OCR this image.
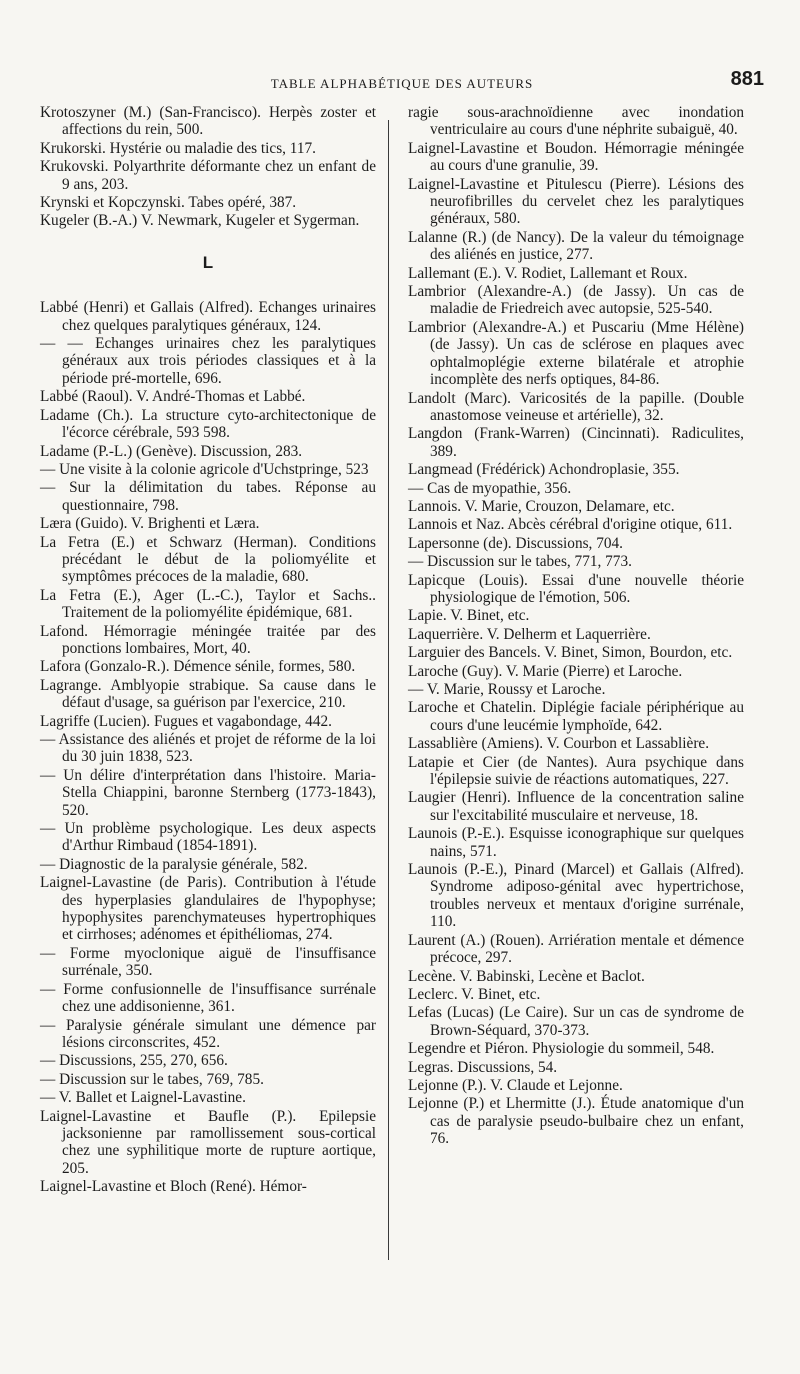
TABLE ALPHABÉTIQUE DES AUTEURS	881

Krotoszyner (M.) (San-Francisco). Herpès zoster et affections du rein, 500.

Krukorski. Hystérie ou maladie des tics, 117.

Krukovski. Polyarthrite déformante chez un enfant de 9 ans, 203.

Krynski et Kopczynski. Tabes opéré, 387.

Kugeler (B.-A.) V. Newmark, Kugeler et Sygerman.

L

Labbé (Henri) et Gallais (Alfred). Echanges urinaires chez quelques paralytiques généraux, 124.

— — Echanges urinaires chez les paralytiques généraux aux trois périodes classiques et à la période pré-mortelle, 696.

Labbé (Raoul). V. André-Thomas et Labbé.

Ladame (Ch.). La structure cyto-architectonique de l'écorce cérébrale, 593 598.

Ladame (P.-L.) (Genève). Discussion, 283.

— Une visite à la colonie agricole d'Uchstpringe, 523

— Sur la délimitation du tabes. Réponse au questionnaire, 798.

Læra (Guido). V. Brighenti et Læra.

La Fetra (E.) et Schwarz (Herman). Conditions précédant le début de la poliomyélite et symptômes précoces de la maladie, 680.

La Fetra (E.), Ager (L.-C.), Taylor et Sachs.. Traitement de la poliomyélite épidémique, 681.

Lafond. Hémorragie méningée traitée par des ponctions lombaires, Mort, 40.

Lafora (Gonzalo-R.). Démence sénile, formes, 580.

Lagrange. Amblyopie strabique. Sa cause dans le défaut d'usage, sa guérison par l'exercice, 210.

Lagriffe (Lucien). Fugues et vagabondage, 442.

— Assistance des aliénés et projet de réforme de la loi du 30 juin 1838, 523.

— Un délire d'interprétation dans l'histoire. Maria-Stella Chiappini, baronne Sternberg (1773-1843), 520.

— Un problème psychologique. Les deux aspects d'Arthur Rimbaud (1854-1891).

— Diagnostic de la paralysie générale, 582.

Laignel-Lavastine (de Paris). Contribution à l'étude des hyperplasies glandulaires de l'hypophyse; hypophysites parenchymateuses hypertrophiques et cirrhoses; adénomes et épithéliomas, 274.

— Forme myoclonique aiguë de l'insuffisance surrénale, 350.

— Forme confusionnelle de l'insuffisance surrénale chez une addisonienne, 361.

— Paralysie générale simulant une démence par lésions circonscrites, 452.

— Discussions, 255, 270, 656.

— Discussion sur le tabes, 769, 785.

— V. Ballet et Laignel-Lavastine.

Laignel-Lavastine et Baufle (P.). Epilepsie jacksonienne par ramollissement sous-cortical chez une syphilitique morte de rupture aortique, 205.

Laignel-Lavastine et Bloch (René). Hémor-

ragie sous-arachnoïdienne avec inondation ventriculaire au cours d'une néphrite subaiguë, 40.

Laignel-Lavastine et Boudon. Hémorragie méningée au cours d'une granulie, 39.

Laignel-Lavastine et Pitulescu (Pierre). Lésions des neurofibrilles du cervelet chez les paralytiques généraux, 580.

Lalanne (R.) (de Nancy). De la valeur du témoignage des aliénés en justice, 277.

Lallemant (E.). V. Rodiet, Lallemant et Roux.

Lambrior (Alexandre-A.) (de Jassy). Un cas de maladie de Friedreich avec autopsie, 525-540.

Lambrior (Alexandre-A.) et Puscariu (Mme Hélène) (de Jassy). Un cas de sclérose en plaques avec ophtalmoplégie externe bilatérale et atrophie incomplète des nerfs optiques, 84-86.

Landolt (Marc). Varicosités de la papille. (Double anastomose veineuse et artérielle), 32.

Langdon (Frank-Warren) (Cincinnati). Radiculites, 389.

Langmead (Frédérick) Achondroplasie, 355.

— Cas de myopathie, 356.

Lannois. V. Marie, Crouzon, Delamare, etc.

Lannois et Naz. Abcès cérébral d'origine otique, 611.

Lapersonne (de). Discussions, 704.

— Discussion sur le tabes, 771, 773.

Lapicque (Louis). Essai d'une nouvelle théorie physiologique de l'émotion, 506.

Lapie. V. Binet, etc.

Laquerrière. V. Delherm et Laquerrière.

Larguier des Bancels. V. Binet, Simon, Bourdon, etc.

Laroche (Guy). V. Marie (Pierre) et Laroche.

— V. Marie, Roussy et Laroche.

Laroche et Chatelin. Diplégie faciale périphérique au cours d'une leucémie lymphoïde, 642.

Lassablière (Amiens). V. Courbon et Lassablière.

Latapie et Cier (de Nantes). Aura psychique dans l'épilepsie suivie de réactions automatiques, 227.

Laugier (Henri). Influence de la concentration saline sur l'excitabilité musculaire et nerveuse, 18.

Launois (P.-E.). Esquisse iconographique sur quelques nains, 571.

Launois (P.-E.), Pinard (Marcel) et Gallais (Alfred). Syndrome adiposo-génital avec hypertrichose, troubles nerveux et mentaux d'origine surrénale, 110.

Laurent (A.) (Rouen). Arriération mentale et démence précoce, 297.

Lecène. V. Babinski, Lecène et Baclot.

Leclerc. V. Binet, etc.

Lefas (Lucas) (Le Caire). Sur un cas de syndrome de Brown-Séquard, 370-373.

Legendre et Piéron. Physiologie du sommeil, 548.

Legras. Discussions, 54.

Lejonne (P.). V. Claude et Lejonne.

Lejonne (P.) et Lhermitte (J.). Étude anatomique d'un cas de paralysie pseudo-bulbaire chez un enfant, 76.
